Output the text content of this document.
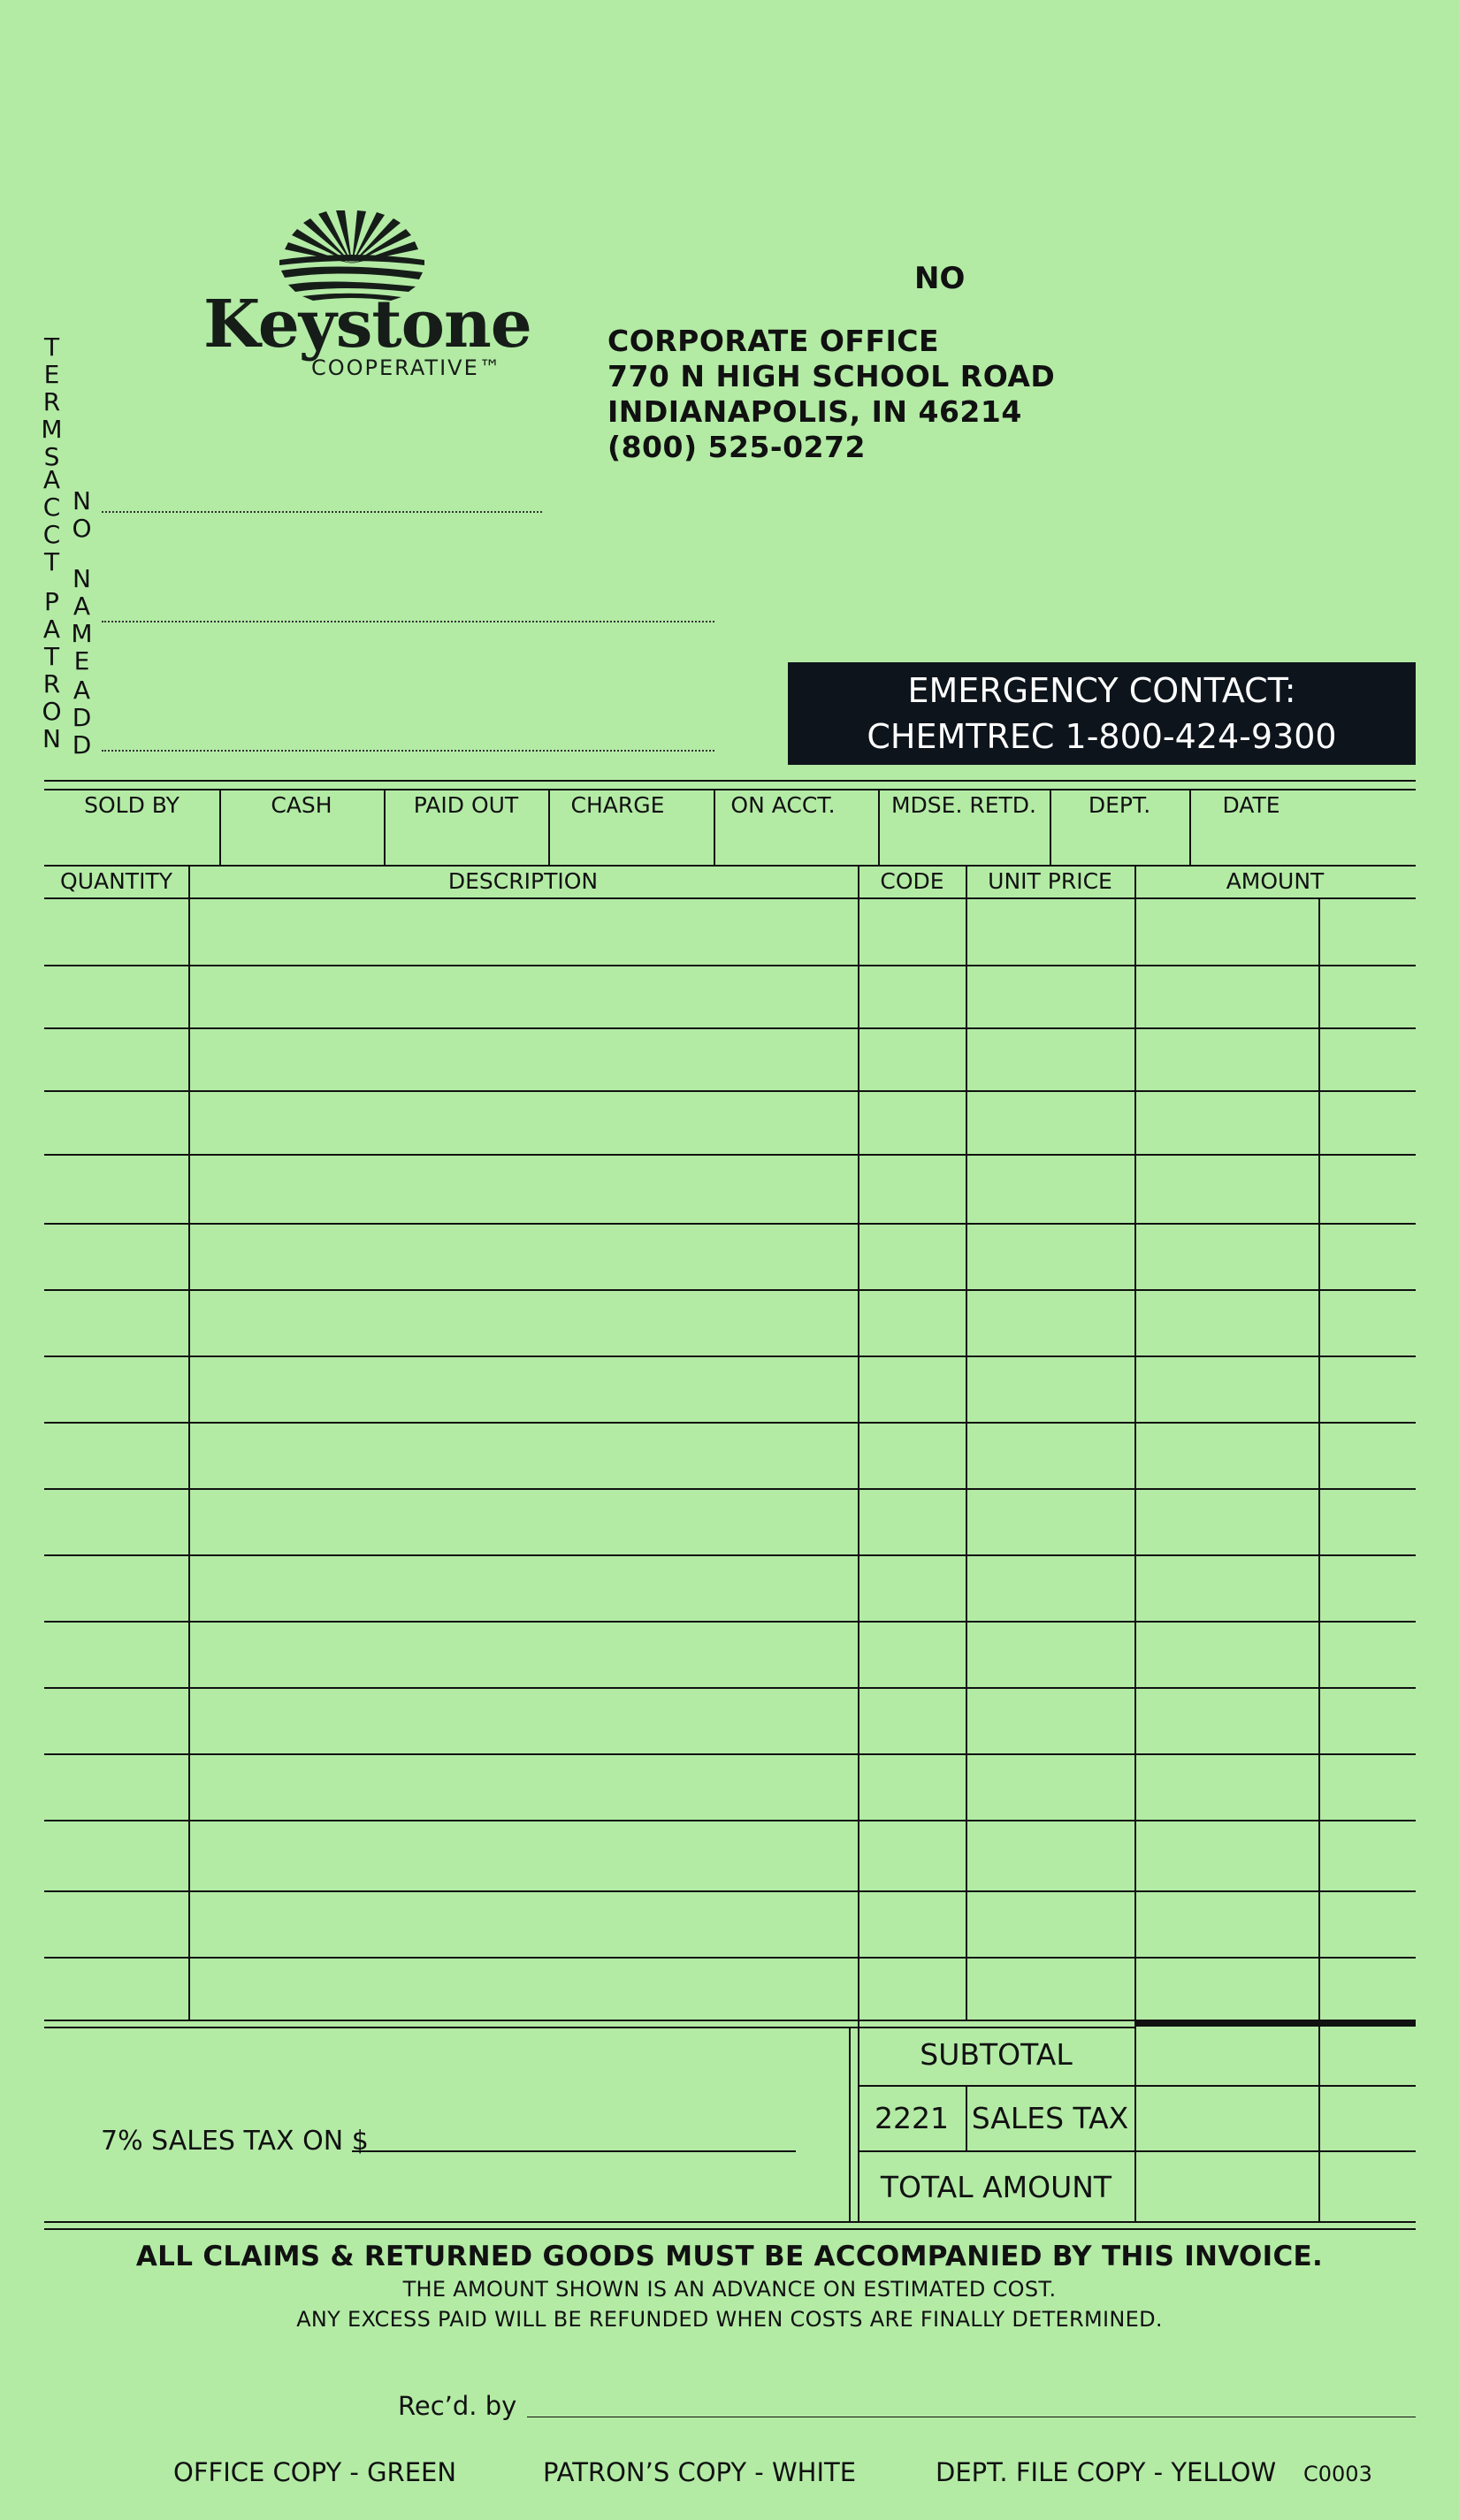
Keystone
COOPERATIVE™
NO
CORPORATE OFFICE
770 N HIGH SCHOOL ROAD
INDIANAPOLIS, IN 46214
(800) 525-0272
TERMS
ACCT NO
PATRON NAME
ADD	EMERGENCY CONTACT:
CHEMTREC 1-800-424-9300
SOLD BY	CASH	PAID OUT	CHARGE	ON ACCT.	MDSE. RETD.	DEPT.	DATE
QUANTITY	DESCRIPTION	CODE	UNIT PRICE	AMOUNT
SUBTOTAL
2221 SALES TAX
TOTAL AMOUNT
7% SALES TAX ON $
ALL CLAIMS & RETURNED GOODS MUST BE ACCOMPANIED BY THIS INVOICE.
THE AMOUNT SHOWN IS AN ADVANCE ON ESTIMATED COST.
ANY EXCESS PAID WILL BE REFUNDED WHEN COSTS ARE FINALLY DETERMINED.
Rec’d. by
OFFICE COPY - GREEN	PATRON’S COPY - WHITE	DEPT. FILE COPY - YELLOW C0003
